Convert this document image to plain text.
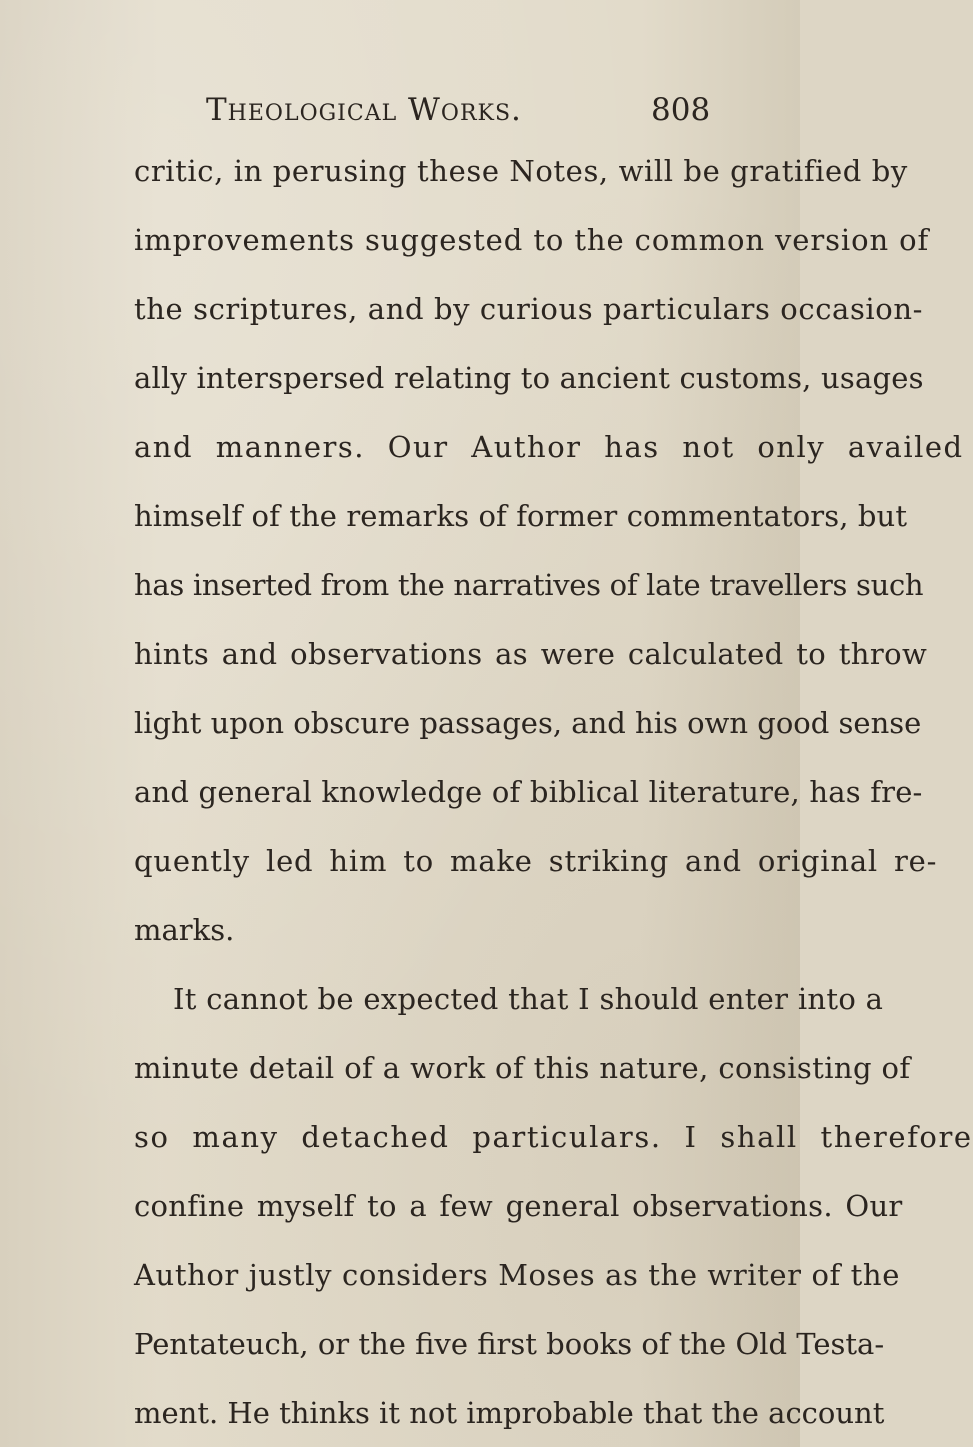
Theological Works.	808
critic, in perusing these Notes, will be gratified by
improvements suggested to the common version of
the scriptures, and by curious particulars occasion-
ally interspersed relating to ancient customs, usages
and manners. Our Author has not only availed
himself of the remarks of former commentators, but
has inserted from the narratives of late travellers such
hints and observations as were calculated to throw
light upon obscure passages, and his own good sense
and general knowledge of biblical literature, has fre-
quently led him to make striking and original re-
marks.
It cannot be expected that I should enter into a
minute detail of a work of this nature, consisting of
so many detached particulars. I shall therefore
confine myself to a few general observations. Our
Author justly considers Moses as the writer of the
Pentateuch, or the five first books of the Old Testa-
ment. He thinks it not improbable that the account
